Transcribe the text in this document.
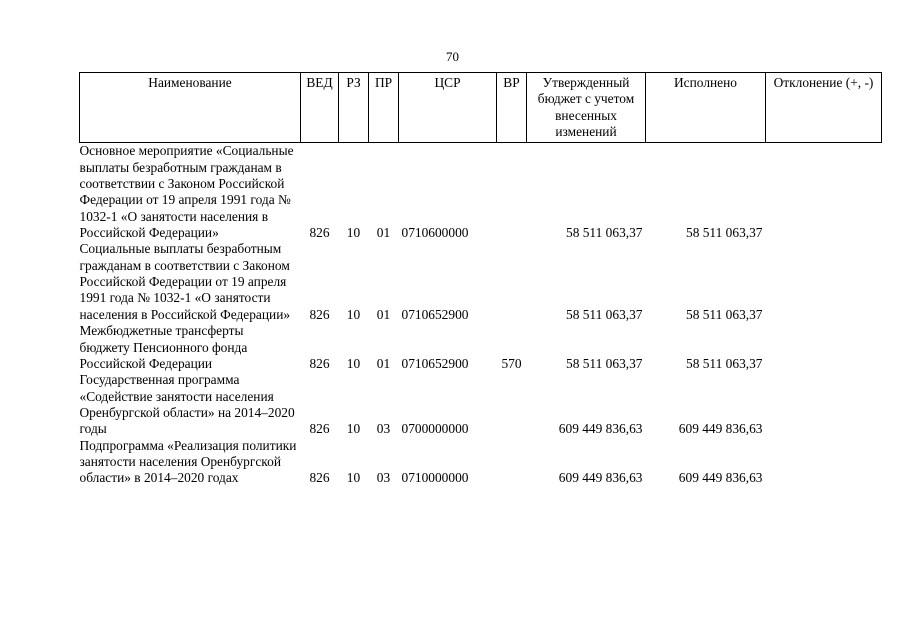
70
Наименование	ВЕД	РЗ	ПР	ЦСР	ВР	Утвержденный бюджет с учетом внесенных изменений	Исполнено	Отклонение (+, -)
Основное мероприятие «Социальные выплаты безработным гражданам в соответствии с Законом Российской Федерации от 19 апреля 1991 года № 1032-1 «О занятости населения в Российской Федерации»	826	10	01	0710600000		58 511 063,37	58 511 063,37	
Социальные выплаты безработным гражданам в соответствии с Законом Российской Федерации от 19 апреля 1991 года № 1032-1 «О занятости населения в Российской Федерации»	826	10	01	0710652900		58 511 063,37	58 511 063,37	
Межбюджетные трансферты бюджету Пенсионного фонда Российской Федерации	826	10	01	0710652900	570	58 511 063,37	58 511 063,37	
Государственная программа «Содействие занятости населения Оренбургской области» на 2014–2020 годы	826	10	03	0700000000		609 449 836,63	609 449 836,63	
Подпрограмма «Реализация политики занятости населения Оренбургской области» в 2014–2020 годах	826	10	03	0710000000		609 449 836,63	609 449 836,63	
